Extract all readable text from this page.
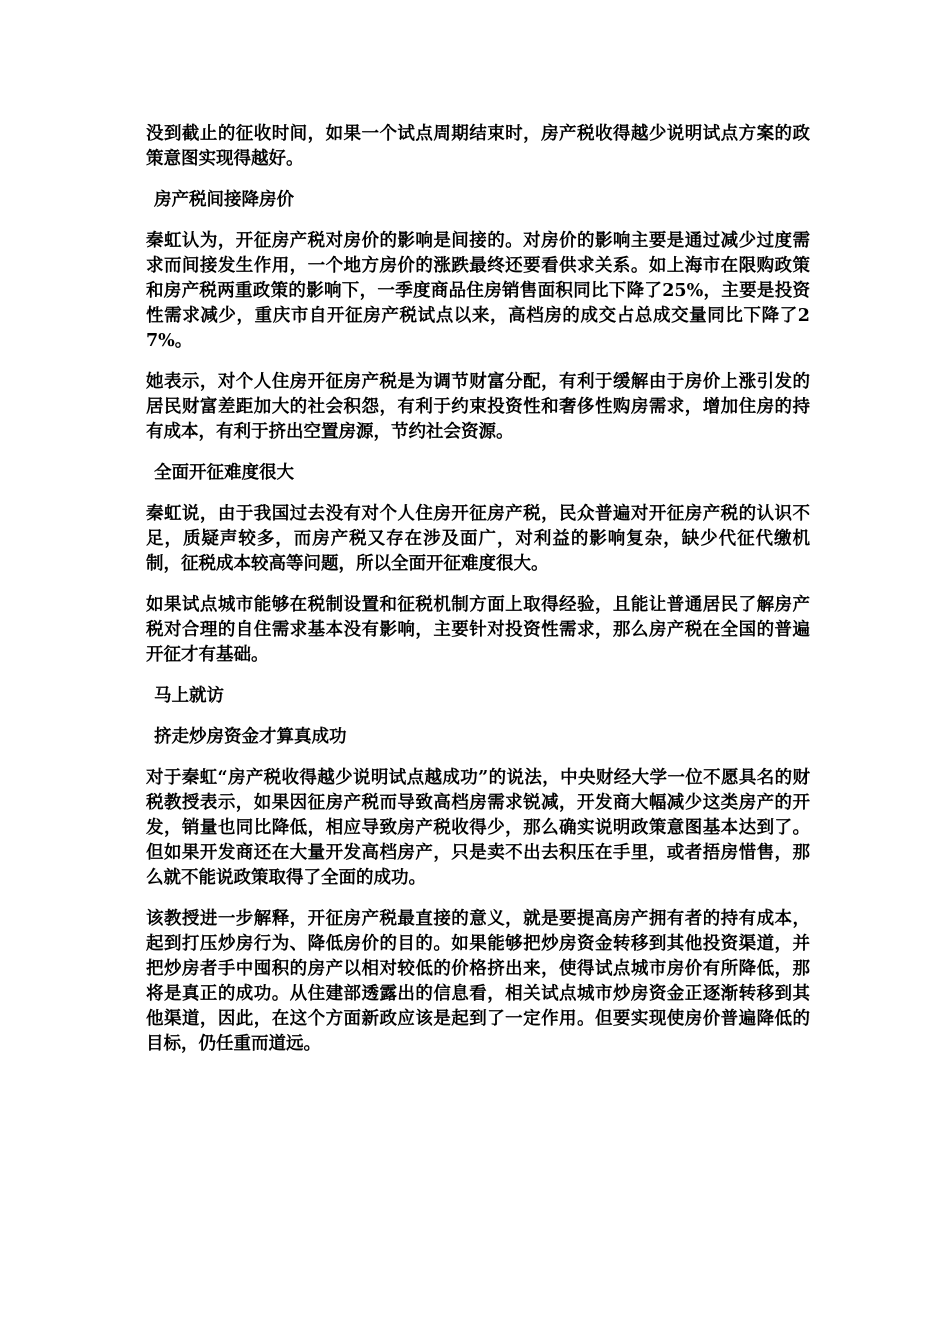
没到截止的征收时间，如果一个试点周期结束时，房产税收得越少说明试点方案的政策意图实现得越好。

房产税间接降房价

秦虹认为，开征房产税对房价的影响是间接的。对房价的影响主要是通过减少过度需求而间接发生作用，一个地方房价的涨跌最终还要看供求关系。如上海市在限购政策和房产税两重政策的影响下，一季度商品住房销售面积同比下降了25%，主要是投资性需求减少，重庆市自开征房产税试点以来，高档房的成交占总成交量同比下降了27%。

她表示，对个人住房开征房产税是为调节财富分配，有利于缓解由于房价上涨引发的居民财富差距加大的社会积怨，有利于约束投资性和奢侈性购房需求，增加住房的持有成本，有利于挤出空置房源，节约社会资源。

全面开征难度很大

秦虹说，由于我国过去没有对个人住房开征房产税，民众普遍对开征房产税的认识不足，质疑声较多，而房产税又存在涉及面广，对利益的影响复杂，缺少代征代缴机制，征税成本较高等问题，所以全面开征难度很大。

如果试点城市能够在税制设置和征税机制方面上取得经验，且能让普通居民了解房产税对合理的自住需求基本没有影响，主要针对投资性需求，那么房产税在全国的普遍开征才有基础。

马上就访

挤走炒房资金才算真成功

对于秦虹“房产税收得越少说明试点越成功”的说法，中央财经大学一位不愿具名的财税教授表示，如果因征房产税而导致高档房需求锐减，开发商大幅减少这类房产的开发，销量也同比降低，相应导致房产税收得少，那么确实说明政策意图基本达到了。但如果开发商还在大量开发高档房产，只是卖不出去积压在手里，或者捂房惜售，那么就不能说政策取得了全面的成功。

该教授进一步解释，开征房产税最直接的意义，就是要提高房产拥有者的持有成本，起到打压炒房行为、降低房价的目的。如果能够把炒房资金转移到其他投资渠道，并把炒房者手中囤积的房产以相对较低的价格挤出来，使得试点城市房价有所降低，那将是真正的成功。从住建部透露出的信息看，相关试点城市炒房资金正逐渐转移到其他渠道，因此，在这个方面新政应该是起到了一定作用。但要实现使房价普遍降低的目标，仍任重而道远。
